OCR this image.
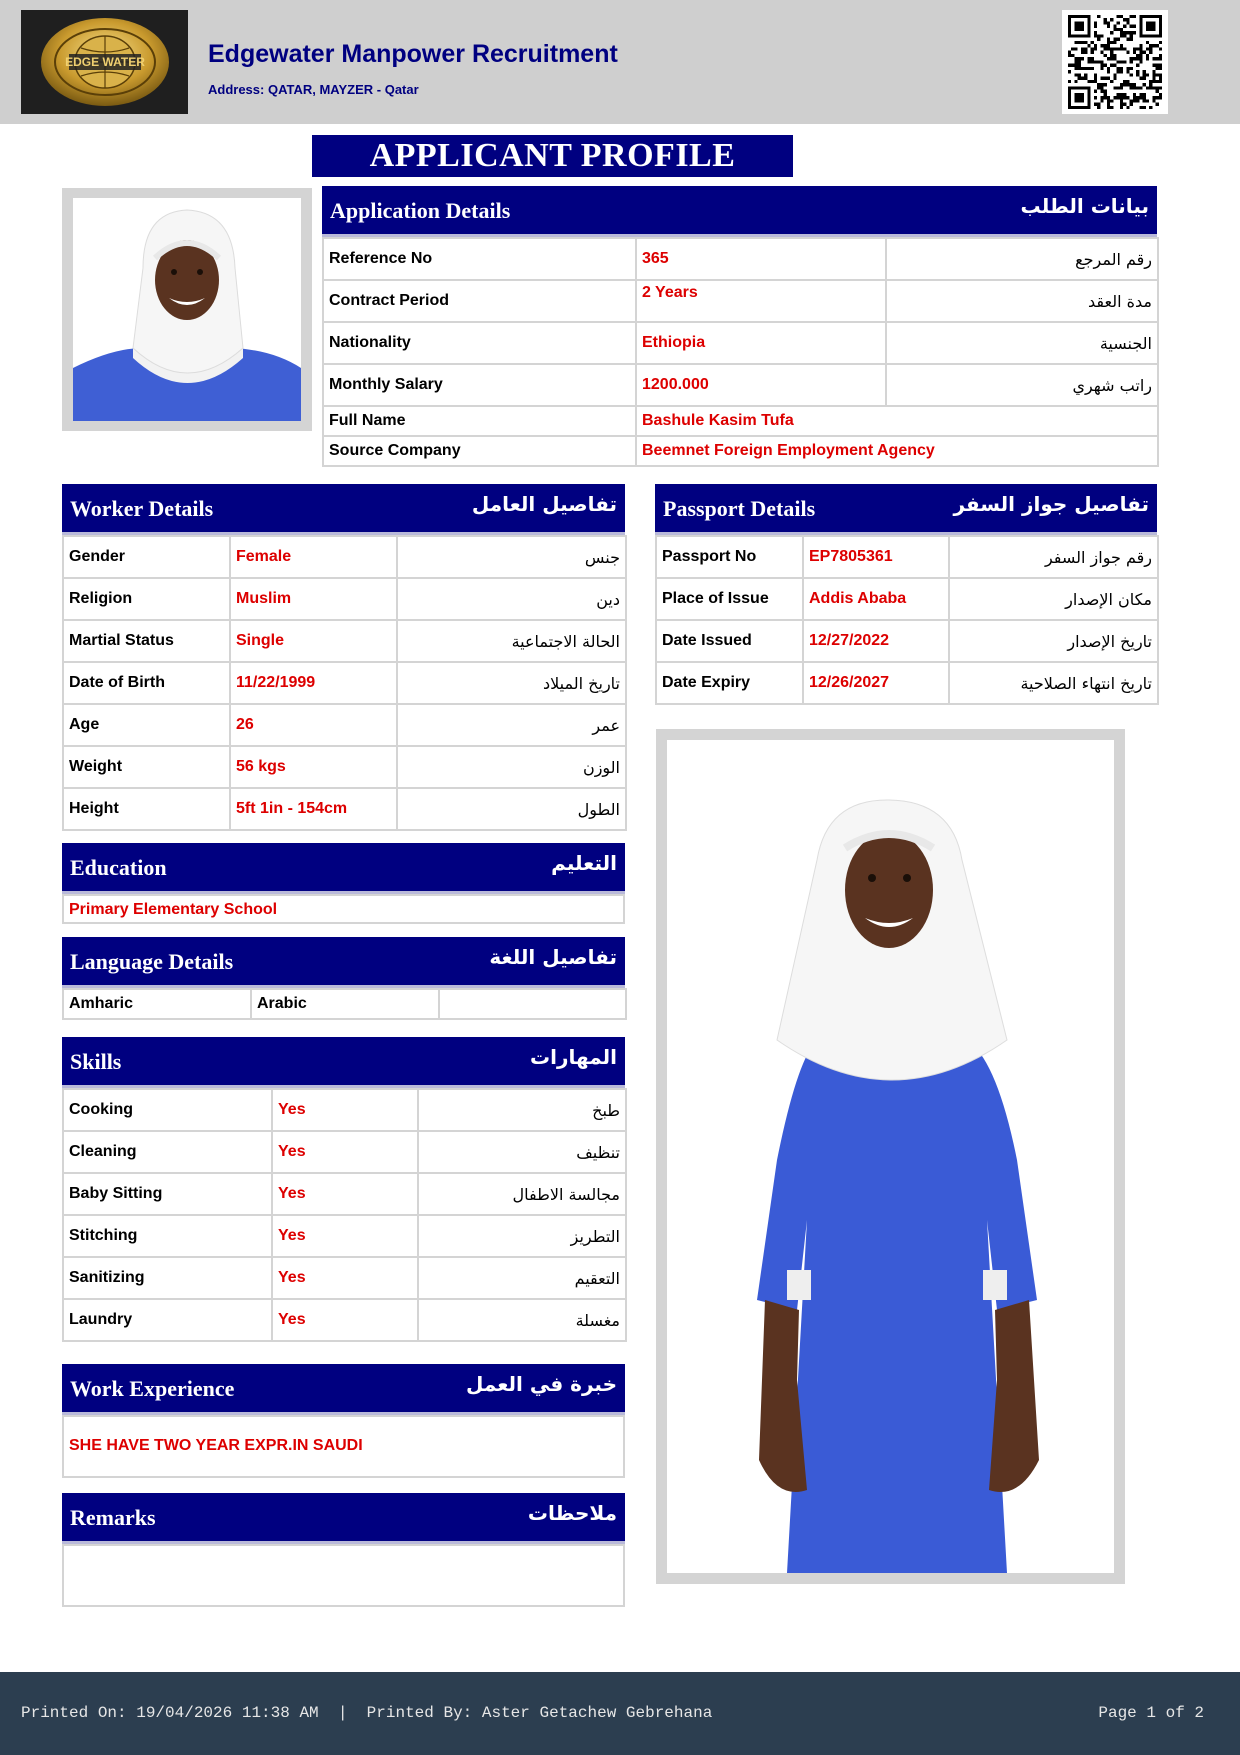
EDGE WATER	Edgewater Manpower Recruitment
Address: QATAR, MAYZER - Qatar
APPLICANT PROFILE
Application Details	بيانات الطلب
Reference No	365	رقم المرجع
Contract Period	2 Years	مدة العقد
Nationality	Ethiopia	الجنسية
Monthly Salary	1200.000	راتب شهري
Full Name	Bashule Kasim Tufa	
Source Company	Beemnet Foreign Employment Agency	
Worker Details	تفاصيل العامل
Gender	Female	جنس
Religion	Muslim	دين
Martial Status	Single	الحالة الاجتماعية
Date of Birth	11/22/1999	تاريخ الميلاد
Age	26	عمر
Weight	56 kgs	الوزن
Height	5ft 1in - 154cm	الطول
Passport Details	تفاصيل جواز السفر
Passport No	EP7805361	رقم جواز السفر
Place of Issue	Addis Ababa	مكان الإصدار
Date Issued	12/27/2022	تاريخ الإصدار
Date Expiry	12/26/2027	تاريخ انتهاء الصلاحية
Education	التعليم
Primary Elementary School
Language Details	تفاصيل اللغة
Amharic	Arabic	
Skills	المهارات
Cooking	Yes	طبخ
Cleaning	Yes	تنظيف
Baby Sitting	Yes	مجالسة الاطفال
Stitching	Yes	التطريز
Sanitizing	Yes	التعقيم
Laundry	Yes	مغسلة
Work Experience	خبرة في العمل
SHE HAVE TWO YEAR EXPR.IN SAUDI
Remarks	ملاحظات
Printed On: 19/04/2026 11:38 AM  |  Printed By: Aster Getachew Gebrehana	Page 1 of 2
